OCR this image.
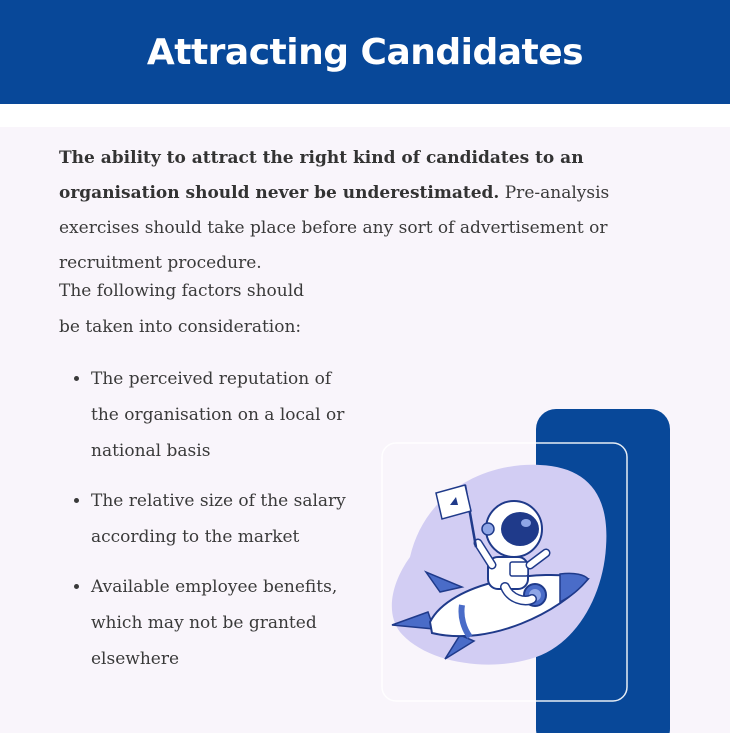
Attracting Candidates

The ability to attract the right kind of candidates to an organisation should never be underestimated. Pre-analysis exercises should take place before any sort of advertisement or recruitment procedure.

The following factors should be taken into consideration:

• The perceived reputation of the organisation on a local or national basis
• The relative size of the salary according to the market
• Available employee benefits, which may not be granted elsewhere
